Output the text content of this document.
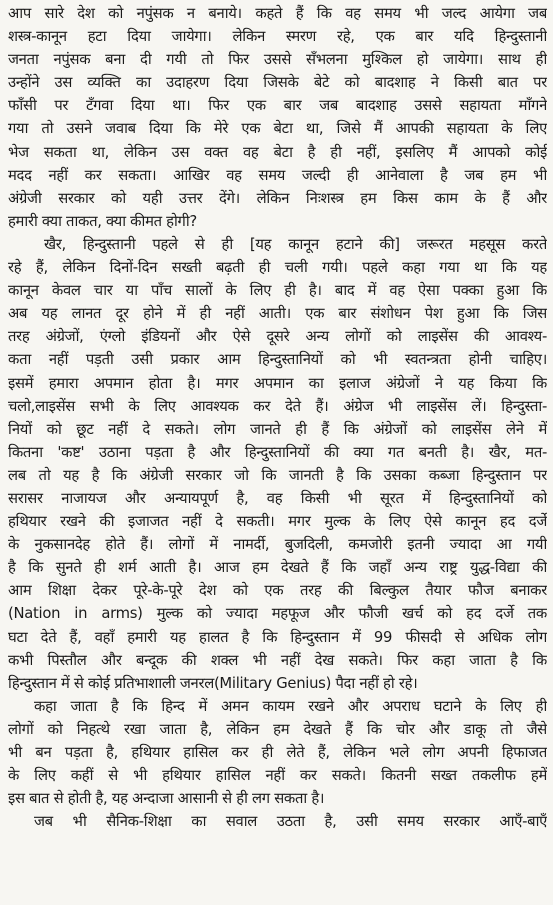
आप सारे देश को नपुंसक न बनाये। कहते हैं कि वह समय भी जल्द आयेगा जब
शस्त्र-कानून हटा दिया जायेगा। लेकिन स्मरण रहे, एक बार यदि हिन्दुस्तानी
जनता नपुंसक बना दी गयी तो फिर उससे सँभलना मुश्किल हो जायेगा। साथ ही
उन्होंने उस व्यक्ति का उदाहरण दिया जिसके बेटे को बादशाह ने किसी बात पर
फाँसी पर टँगवा दिया था। फिर एक बार जब बादशाह उससे सहायता माँगने
गया तो उसने जवाब दिया कि मेरे एक बेटा था, जिसे मैं आपकी सहायता के लिए
भेज सकता था, लेकिन उस वक्त वह बेटा है ही नहीं, इसलिए मैं आपको कोई
मदद नहीं कर सकता। आखिर वह समय जल्दी ही आनेवाला है जब हम भी
अंग्रेजी सरकार को यही उत्तर देंगे। लेकिन निःशस्त्र हम किस काम के हैं और
हमारी क्या ताकत, क्या कीमत होगी?
खैर, हिन्दुस्तानी पहले से ही [यह कानून हटाने की] जरूरत महसूस करते
रहे हैं, लेकिन दिनों-दिन सख्ती बढ़ती ही चली गयी। पहले कहा गया था कि यह
कानून केवल चार या पाँच सालों के लिए ही है। बाद में वह ऐसा पक्का हुआ कि
अब यह लानत दूर होने में ही नहीं आती। एक बार संशोधन पेश हुआ कि जिस
तरह अंग्रेजों, एंग्लो इंडियनों और ऐसे दूसरे अन्य लोगों को लाइसेंस की आवश्य-
कता नहीं पड़ती उसी प्रकार आम हिन्दुस्तानियों को भी स्वतन्त्रता होनी चाहिए।
इसमें हमारा अपमान होता है। मगर अपमान का इलाज अंग्रेजों ने यह किया कि
चलो,लाइसेंस सभी के लिए आवश्यक कर देते हैं। अंग्रेज भी लाइसेंस लें। हिन्दुस्ता-
नियों को छूट नहीं दे सकते। लोग जानते ही हैं कि अंग्रेजों को लाइसेंस लेने में
कितना 'कष्ट' उठाना पड़ता है और हिन्दुस्तानियों की क्या गत बनती है। खैर, मत-
लब तो यह है कि अंग्रेजी सरकार जो कि जानती है कि उसका कब्जा हिन्दुस्तान पर
सरासर नाजायज और अन्यायपूर्ण है, वह किसी भी सूरत में हिन्दुस्तानियों को
हथियार रखने की इजाजत नहीं दे सकती। मगर मुल्क के लिए ऐसे कानून हद दर्जे
के नुकसानदेह होते हैं। लोगों में नामर्दी, बुजदिली, कमजोरी इतनी ज्यादा आ गयी
है कि सुनते ही शर्म आती है। आज हम देखते हैं कि जहाँ अन्य राष्ट्र युद्ध-विद्या की
आम शिक्षा देकर पूरे-के-पूरे देश को एक तरह की बिल्कुल तैयार फौज बनाकर
(Nation in arms) मुल्क को ज्यादा महफूज और फौजी खर्च को हद दर्जे तक
घटा देते हैं, वहाँ हमारी यह हालत है कि हिन्दुस्तान में 99 फीसदी से अधिक लोग
कभी पिस्तौल और बन्दूक की शक्ल भी नहीं देख सकते। फिर कहा जाता है कि
हिन्दुस्तान में से कोई प्रतिभाशाली जनरल(Military Genius) पैदा नहीं हो रहे।
कहा जाता है कि हिन्द में अमन कायम रखने और अपराध घटाने के लिए ही
लोगों को निहत्थे रखा जाता है, लेकिन हम देखते हैं कि चोर और डाकू तो जैसे
भी बन पड़ता है, हथियार हासिल कर ही लेते हैं, लेकिन भले लोग अपनी हिफाजत
के लिए कहीं से भी हथियार हासिल नहीं कर सकते। कितनी सख्त तकलीफ हमें
इस बात से होती है, यह अन्दाजा आसानी से ही लग सकता है।
जब भी सैनिक-शिक्षा का सवाल उठता है, उसी समय सरकार आएँ-बाएँ
